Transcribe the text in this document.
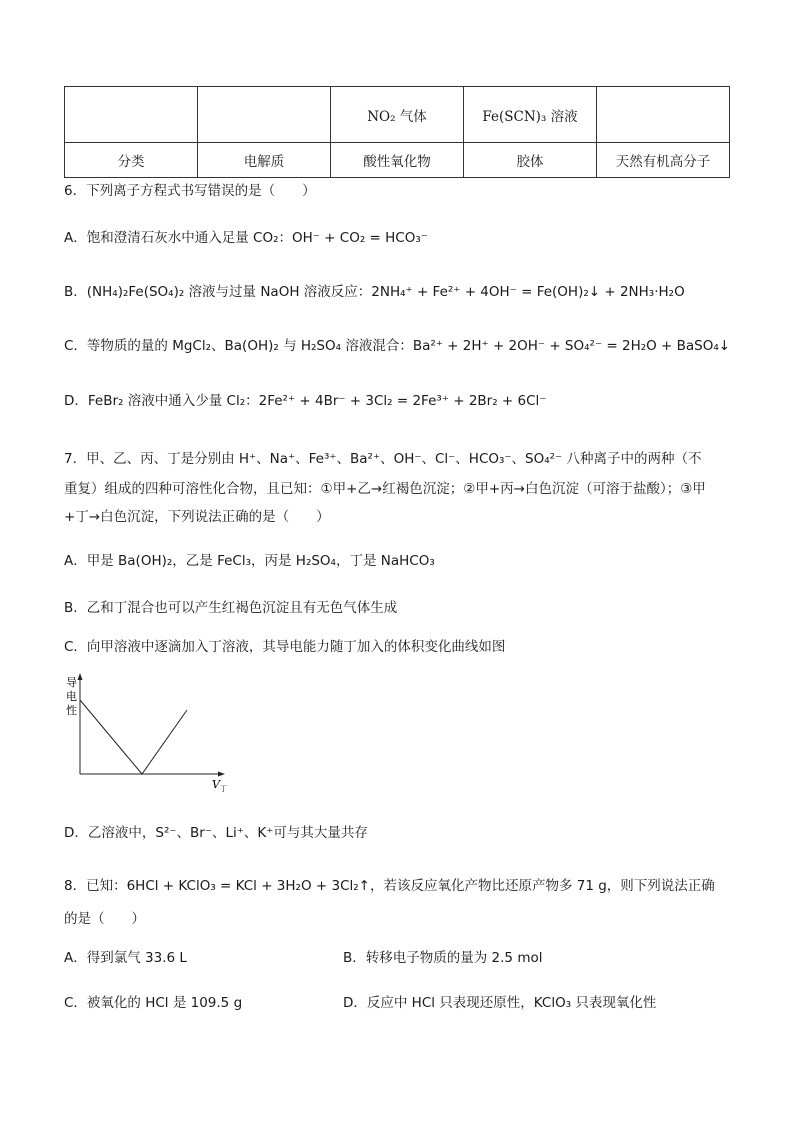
		NO₂ 气体	Fe(SCN)₃ 溶液	
分类	电解质	酸性氧化物	胶体	天然有机高分子
6．下列离子方程式书写错误的是（　　）
A．饱和澄清石灰水中通入足量 CO₂：OH⁻ + CO₂ = HCO₃⁻
B．(NH₄)₂Fe(SO₄)₂ 溶液与过量 NaOH 溶液反应：2NH₄⁺ + Fe²⁺ + 4OH⁻ = Fe(OH)₂↓ + 2NH₃·H₂O
C．等物质的量的 MgCl₂、Ba(OH)₂ 与 H₂SO₄ 溶液混合：Ba²⁺ + 2H⁺ + 2OH⁻ + SO₄²⁻ = 2H₂O + BaSO₄↓
D．FeBr₂ 溶液中通入少量 Cl₂：2Fe²⁺ + 4Br⁻ + 3Cl₂ = 2Fe³⁺ + 2Br₂ + 6Cl⁻
7．甲、乙、丙、丁是分别由 H⁺、Na⁺、Fe³⁺、Ba²⁺、OH⁻、Cl⁻、HCO₃⁻、SO₄²⁻ 八种离子中的两种（不
重复）组成的四种可溶性化合物，且已知：①甲+乙→红褐色沉淀；②甲+丙→白色沉淀（可溶于盐酸）；③甲
+丁→白色沉淀，下列说法正确的是（　　）
A．甲是 Ba(OH)₂，乙是 FeCl₃，丙是 H₂SO₄，丁是 NaHCO₃
B．乙和丁混合也可以产生红褐色沉淀且有无色气体生成
C．向甲溶液中逐滴加入丁溶液，其导电能力随丁加入的体积变化曲线如图
导
电
性
V 丁
D．乙溶液中，S²⁻、Br⁻、Li⁺、K⁺可与其大量共存
8．已知：6HCl + KClO₃ = KCl + 3H₂O + 3Cl₂↑，若该反应氧化产物比还原产物多 71 g，则下列说法正确
的是（　　）
A．得到氯气 33.6 L	B．转移电子物质的量为 2.5 mol
C．被氧化的 HCl 是 109.5 g	D．反应中 HCl 只表现还原性，KClO₃ 只表现氧化性
